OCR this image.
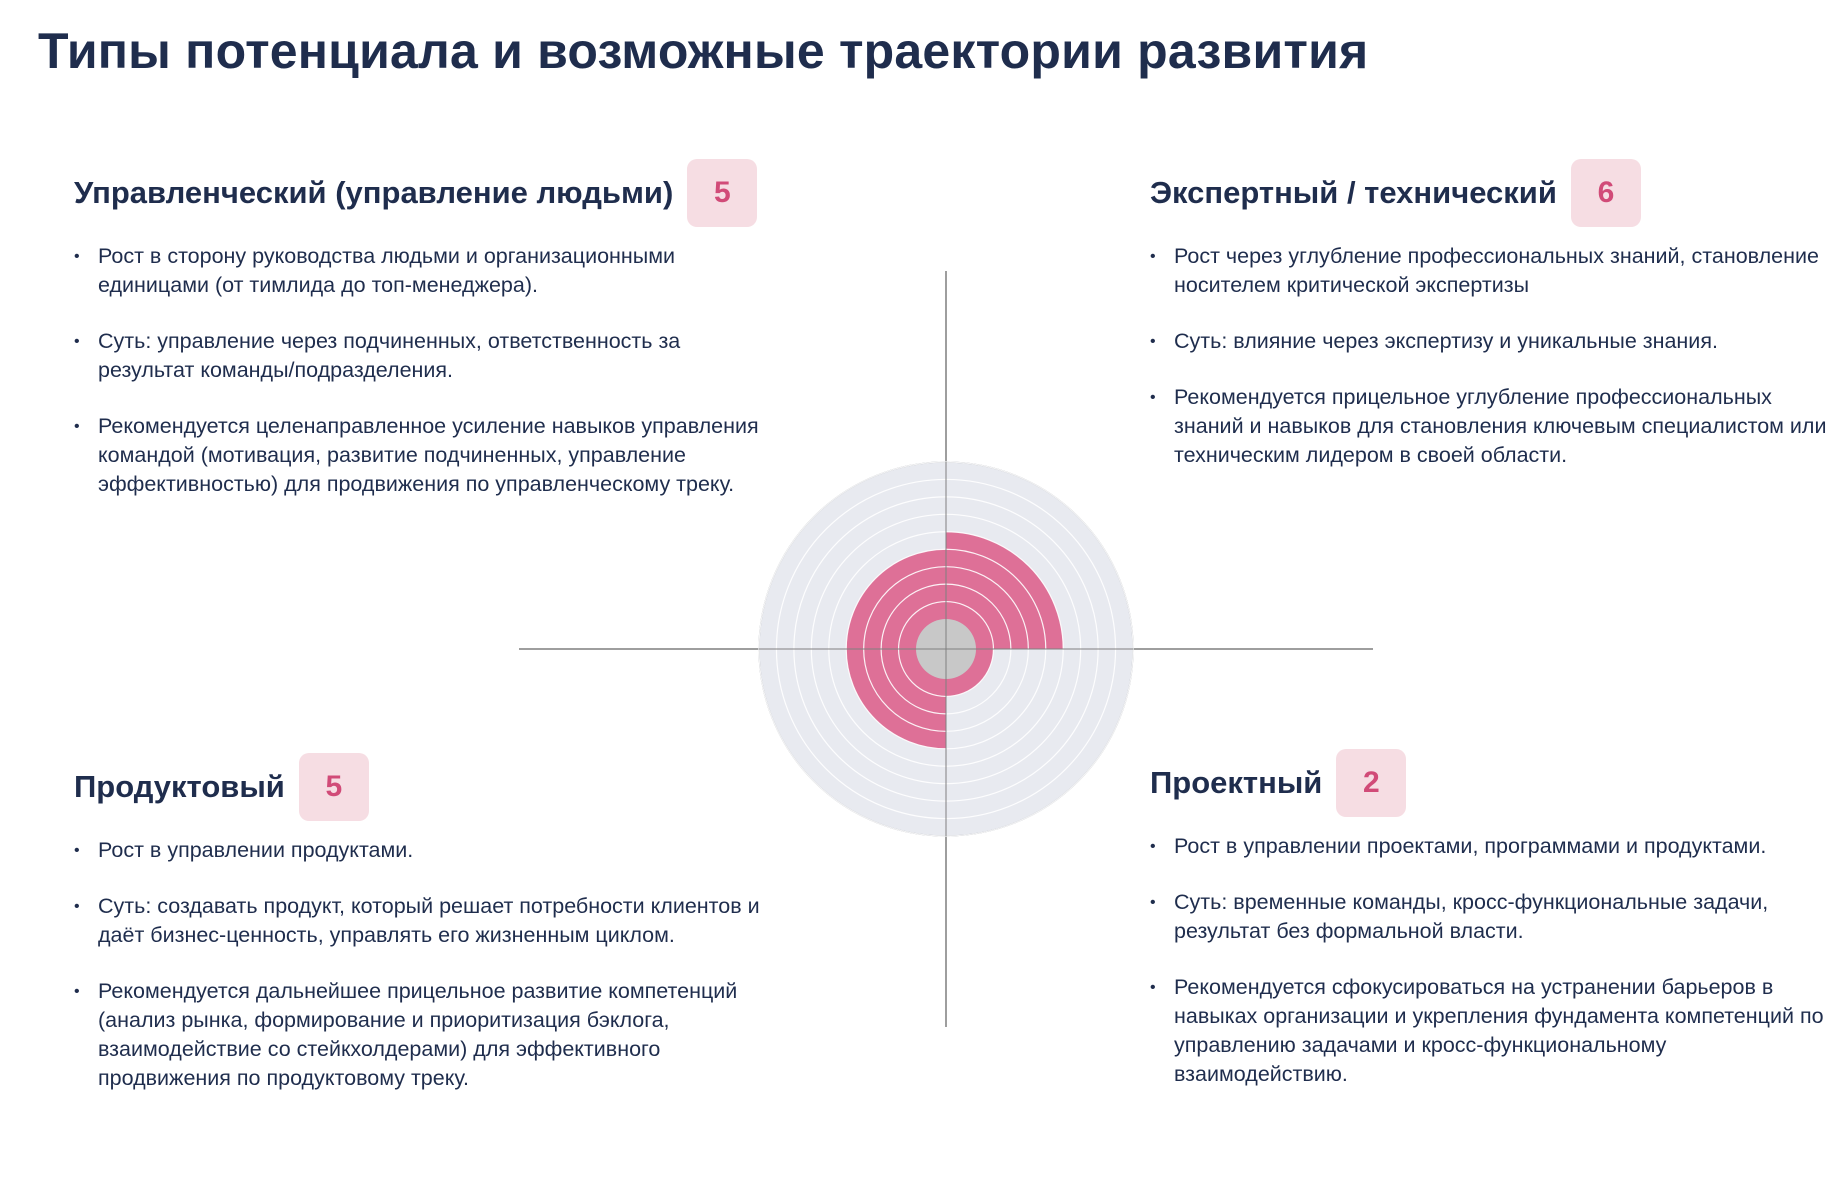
Типы потенциала и возможные траектории развития
Управленческий (управление людьми)	5
• Рост в сторону руководства людьми и организационными единицами (от тимлида до топ-менеджера).
• Суть: управление через подчиненных, ответственность за результат команды/подразделения.
• Рекомендуется целенаправленное усиление навыков управления командой (мотивация, развитие подчиненных, управление эффективностью) для продвижения по управленческому треку.
Экспертный / технический	6
• Рост через углубление профессиональных знаний, становление носителем критической экспертизы
• Суть: влияние через экспертизу и уникальные знания.
• Рекомендуется прицельное углубление профессиональных знаний и навыков для становления ключевым специалистом или техническим лидером в своей области.
Продуктовый	5
• Рост в управлении продуктами.
• Суть: создавать продукт, который решает потребности клиентов и даёт бизнес-ценность, управлять его жизненным циклом.
• Рекомендуется дальнейшее прицельное развитие компетенций (анализ рынка, формирование и приоритизация бэклога, взаимодействие со стейкхолдерами) для эффективного продвижения по продуктовому треку.
Проектный	2
• Рост в управлении проектами, программами и продуктами.
• Суть: временные команды, кросс-функциональные задачи, результат без формальной власти.
• Рекомендуется сфокусироваться на устранении барьеров в навыках организации и укрепления фундамента компетенций по управлению задачами и кросс-функциональному взаимодействию.
